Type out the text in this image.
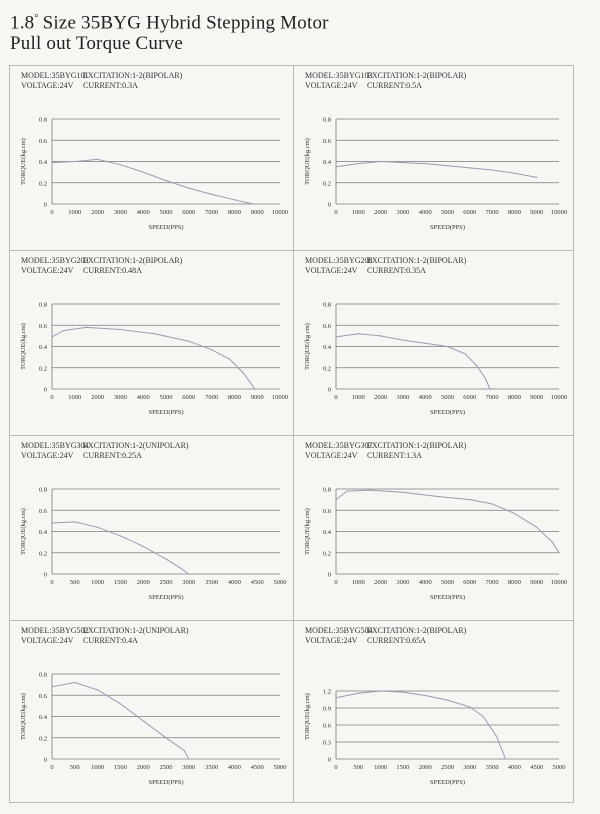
1.8° Size 35BYG Hybrid Stepping Motor
Pull out Torque Curve
MODEL:35BYG101
EXCITATION:1-2(BIPOLAR)
VOLTAGE:24V CURRENT:0.3A
0
0.2
0.4
0.6
0.8
0 1000 2000 3000 4000 5000 6000 7000 8000 9000 10000
SPEED(PPS)
TORQUE(kg.cm)
MODEL:35BYG103
EXCITATION:1-2(BIPOLAR)
VOLTAGE:24V CURRENT:0.5A
0
0.2
0.4
0.6
0.8
0 1000 2000 3000 4000 5000 6000 7000 8000 9000 10000
SPEED(PPS)
TORQUE(kg.cm)
MODEL:35BYG203
EXCITATION:1-2(BIPOLAR)
VOLTAGE:24V CURRENT:0.48A
0
0.2
0.4
0.6
0.8
0 1000 2000 3000 4000 5000 6000 7000 8000 9000 10000
SPEED(PPS)
TORQUE(kg.cm)
MODEL:35BYG208
EXCITATION:1-2(BIPOLAR)
VOLTAGE:24V CURRENT:0.35A
0
0.2
0.4
0.6
0.8
0 1000 2000 3000 4000 5000 6000 7000 8000 9000 10000
SPEED(PPS)
TORQUE(kg.cm)
MODEL:35BYG304
EXCITATION:1-2(UNIPOLAR)
VOLTAGE:24V CURRENT:0.25A
0
0.2
0.4
0.6
0.8
0	500 1000 1500 2000 2500 3000 3500 4000 4500 5000
SPEED(PPS)
TORQUE(kg.cm)
MODEL:35BYG307
EXCITATION:1-2(BIPOLAR)
VOLTAGE:24V CURRENT:1.3A
0
0.2
0.4
0.6
0.8
0 1000 2000 3000 4000 5000 6000 7000 8000 9000 10000
SPEED(PPS)
TORQUE(kg.cm)
MODEL:35BYG502
EXCITATION:1-2(UNIPOLAR)
VOLTAGE:24V CURRENT:0.4A
0
0.2
0.4
0.6
0.8
0	500 1000 1500 2000 2500 3000 3500 4000 4500 5000
SPEED(PPS)
TORQUE(kg.cm)
MODEL:35BYG504
EXCITATION:1-2(BIPOLAR)
VOLTAGE:24V CURRENT:0.65A
0
0.3
0.6
0.9
1.2
0 500 1000 1500 2000 2500 3000 3500 4000 4500 5000
SPEED(PPS)
TORQUE(kg.cm)
